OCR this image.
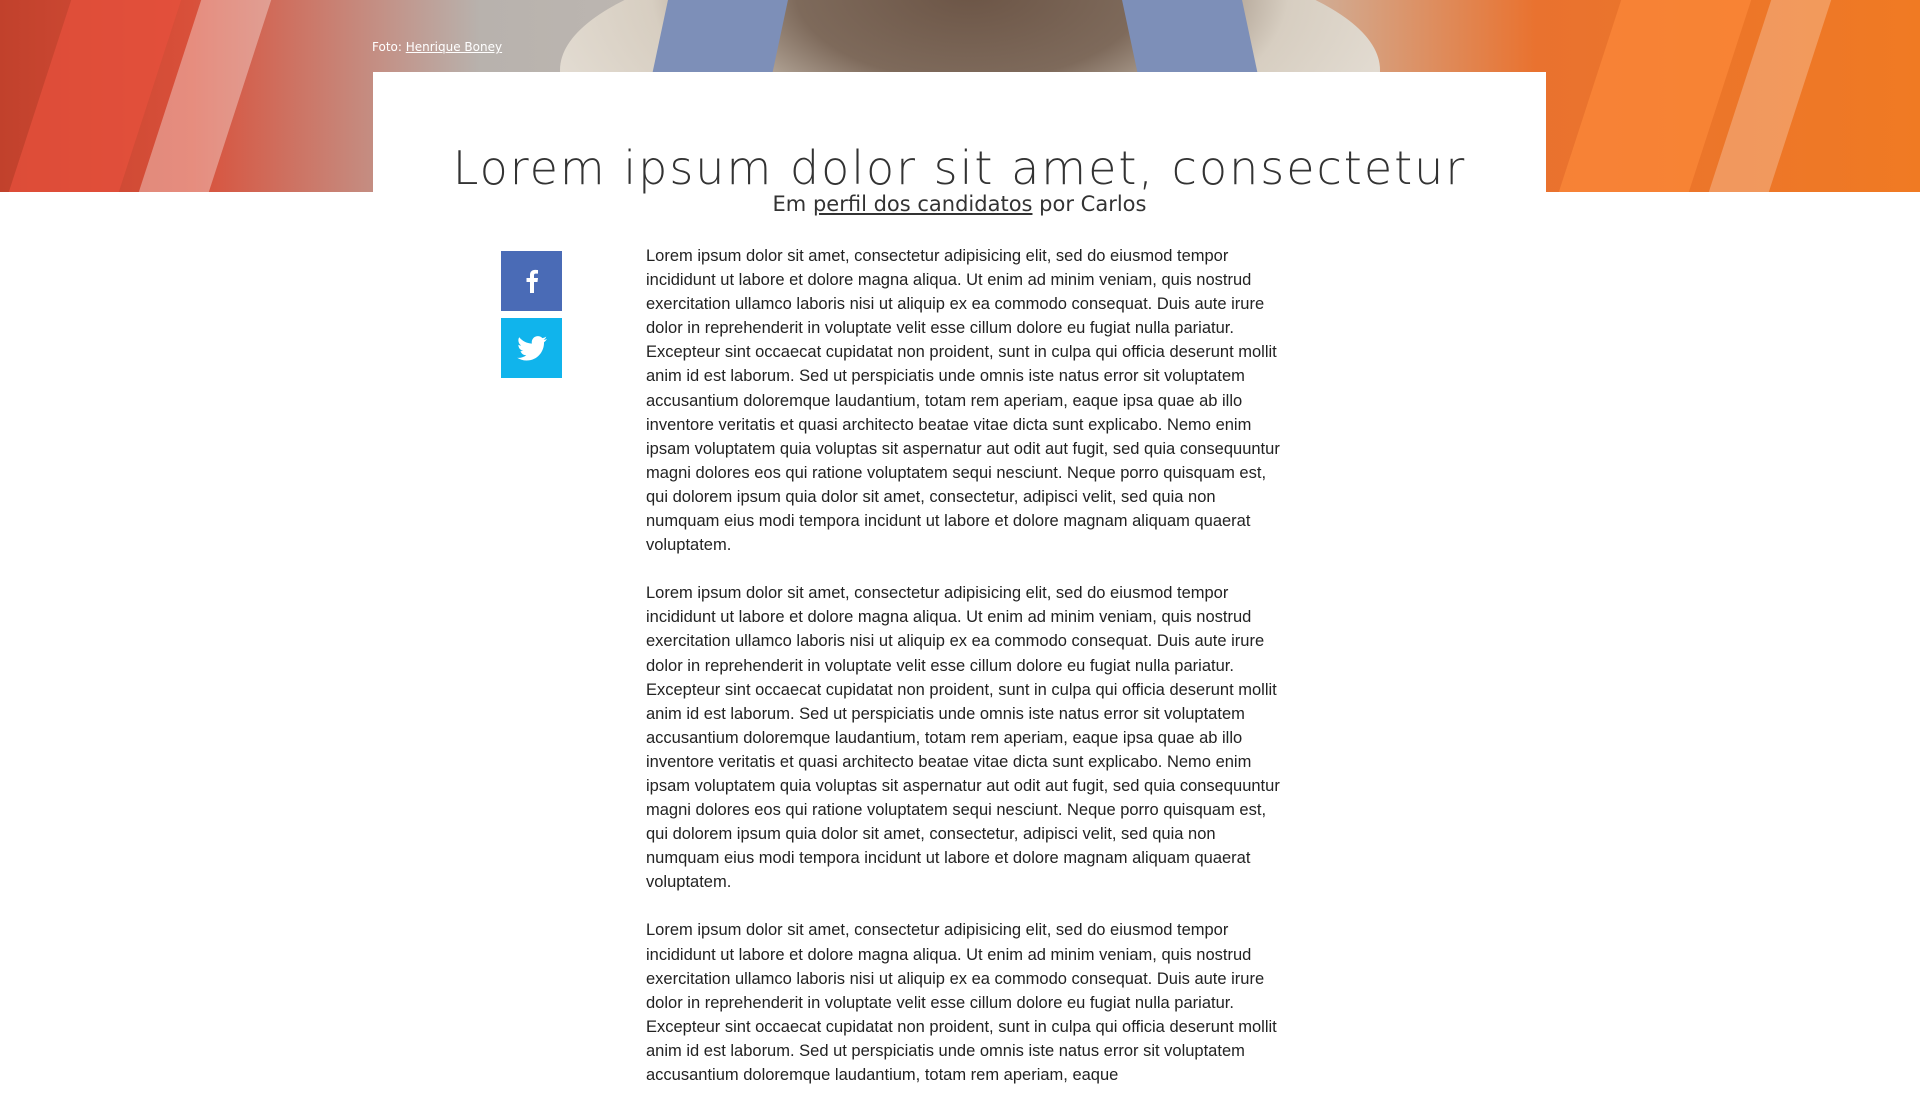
Foto: Henrique Boney
Lorem ipsum dolor sit amet, consectetur
Em perfil dos candidatos por Carlos

Lorem ipsum dolor sit amet, consectetur adipisicing elit, sed do eiusmod tempor incididunt ut labore et dolore magna aliqua. Ut enim ad minim veniam, quis nostrud exercitation ullamco laboris nisi ut aliquip ex ea commodo consequat. Duis aute irure dolor in reprehenderit in voluptate velit esse cillum dolore eu fugiat nulla pariatur. Excepteur sint occaecat cupidatat non proident, sunt in culpa qui officia deserunt mollit anim id est laborum. Sed ut perspiciatis unde omnis iste natus error sit voluptatem accusantium doloremque laudantium, totam rem aperiam, eaque ipsa quae ab illo inventore veritatis et quasi architecto beatae vitae dicta sunt explicabo. Nemo enim ipsam voluptatem quia voluptas sit aspernatur aut odit aut fugit, sed quia consequuntur magni dolores eos qui ratione voluptatem sequi nesciunt. Neque porro quisquam est, qui dolorem ipsum quia dolor sit amet, consectetur, adipisci velit, sed quia non numquam eius modi tempora incidunt ut labore et dolore magnam aliquam quaerat voluptatem.

Lorem ipsum dolor sit amet, consectetur adipisicing elit, sed do eiusmod tempor incididunt ut labore et dolore magna aliqua. Ut enim ad minim veniam, quis nostrud exercitation ullamco laboris nisi ut aliquip ex ea commodo consequat. Duis aute irure dolor in reprehenderit in voluptate velit esse cillum dolore eu fugiat nulla pariatur. Excepteur sint occaecat cupidatat non proident, sunt in culpa qui officia deserunt mollit anim id est laborum. Sed ut perspiciatis unde omnis iste natus error sit voluptatem accusantium doloremque laudantium, totam rem aperiam, eaque ipsa quae ab illo inventore veritatis et quasi architecto beatae vitae dicta sunt explicabo. Nemo enim ipsam voluptatem quia voluptas sit aspernatur aut odit aut fugit, sed quia consequuntur magni dolores eos qui ratione voluptatem sequi nesciunt. Neque porro quisquam est, qui dolorem ipsum quia dolor sit amet, consectetur, adipisci velit, sed quia non numquam eius modi tempora incidunt ut labore et dolore magnam aliquam quaerat voluptatem.

Lorem ipsum dolor sit amet, consectetur adipisicing elit, sed do eiusmod tempor incididunt ut labore et dolore magna aliqua. Ut enim ad minim veniam, quis nostrud exercitation ullamco laboris nisi ut aliquip ex ea commodo consequat. Duis aute irure dolor in reprehenderit in voluptate velit esse cillum dolore eu fugiat nulla pariatur. Excepteur sint occaecat cupidatat non proident, sunt in culpa qui officia deserunt mollit anim id est laborum. Sed ut perspiciatis unde omnis iste natus error sit voluptatem accusantium doloremque laudantium, totam rem aperiam, eaque
